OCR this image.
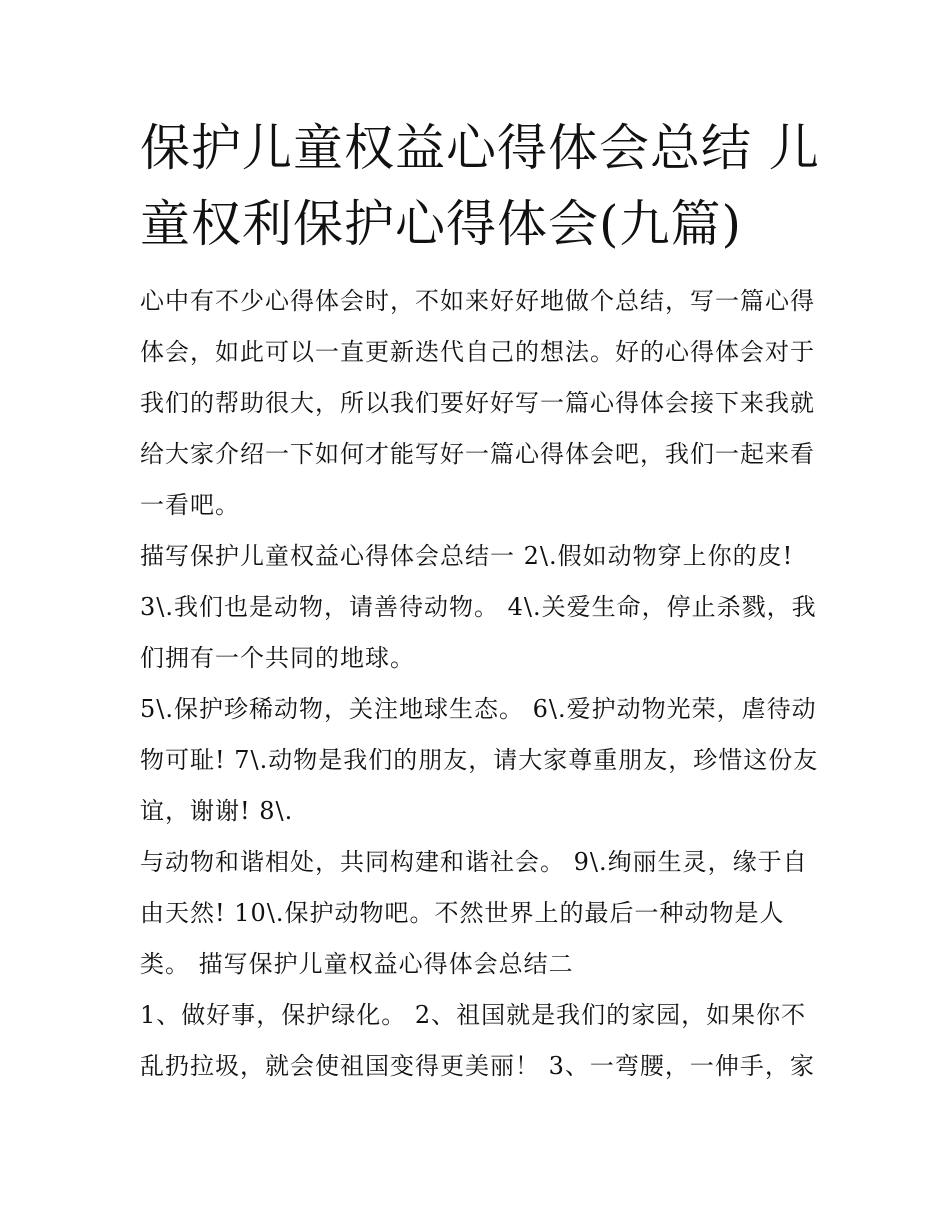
保护儿童权益心得体会总结 儿童权利保护心得体会(九篇)

心中有不少心得体会时，不如来好好地做个总结，写一篇心得体会，如此可以一直更新迭代自己的想法。好的心得体会对于我们的帮助很大，所以我们要好好写一篇心得体会接下来我就给大家介绍一下如何才能写好一篇心得体会吧，我们一起来看一看吧。

描写保护儿童权益心得体会总结一 2\.假如动物穿上你的皮! 3\.我们也是动物，请善待动物。 4\.关爱生命，停止杀戮，我们拥有一个共同的地球。

5\.保护珍稀动物，关注地球生态。 6\.爱护动物光荣，虐待动物可耻! 7\.动物是我们的朋友，请大家尊重朋友，珍惜这份友谊，谢谢! 8\.

与动物和谐相处，共同构建和谐社会。 9\.绚丽生灵，缘于自由天然! 10\.保护动物吧。不然世界上的最后一种动物是人类。 描写保护儿童权益心得体会总结二

1、做好事，保护绿化。 2、祖国就是我们的家园，如果你不乱扔拉圾，就会使祖国变得更美丽！ 3、一弯腰，一伸手，家
